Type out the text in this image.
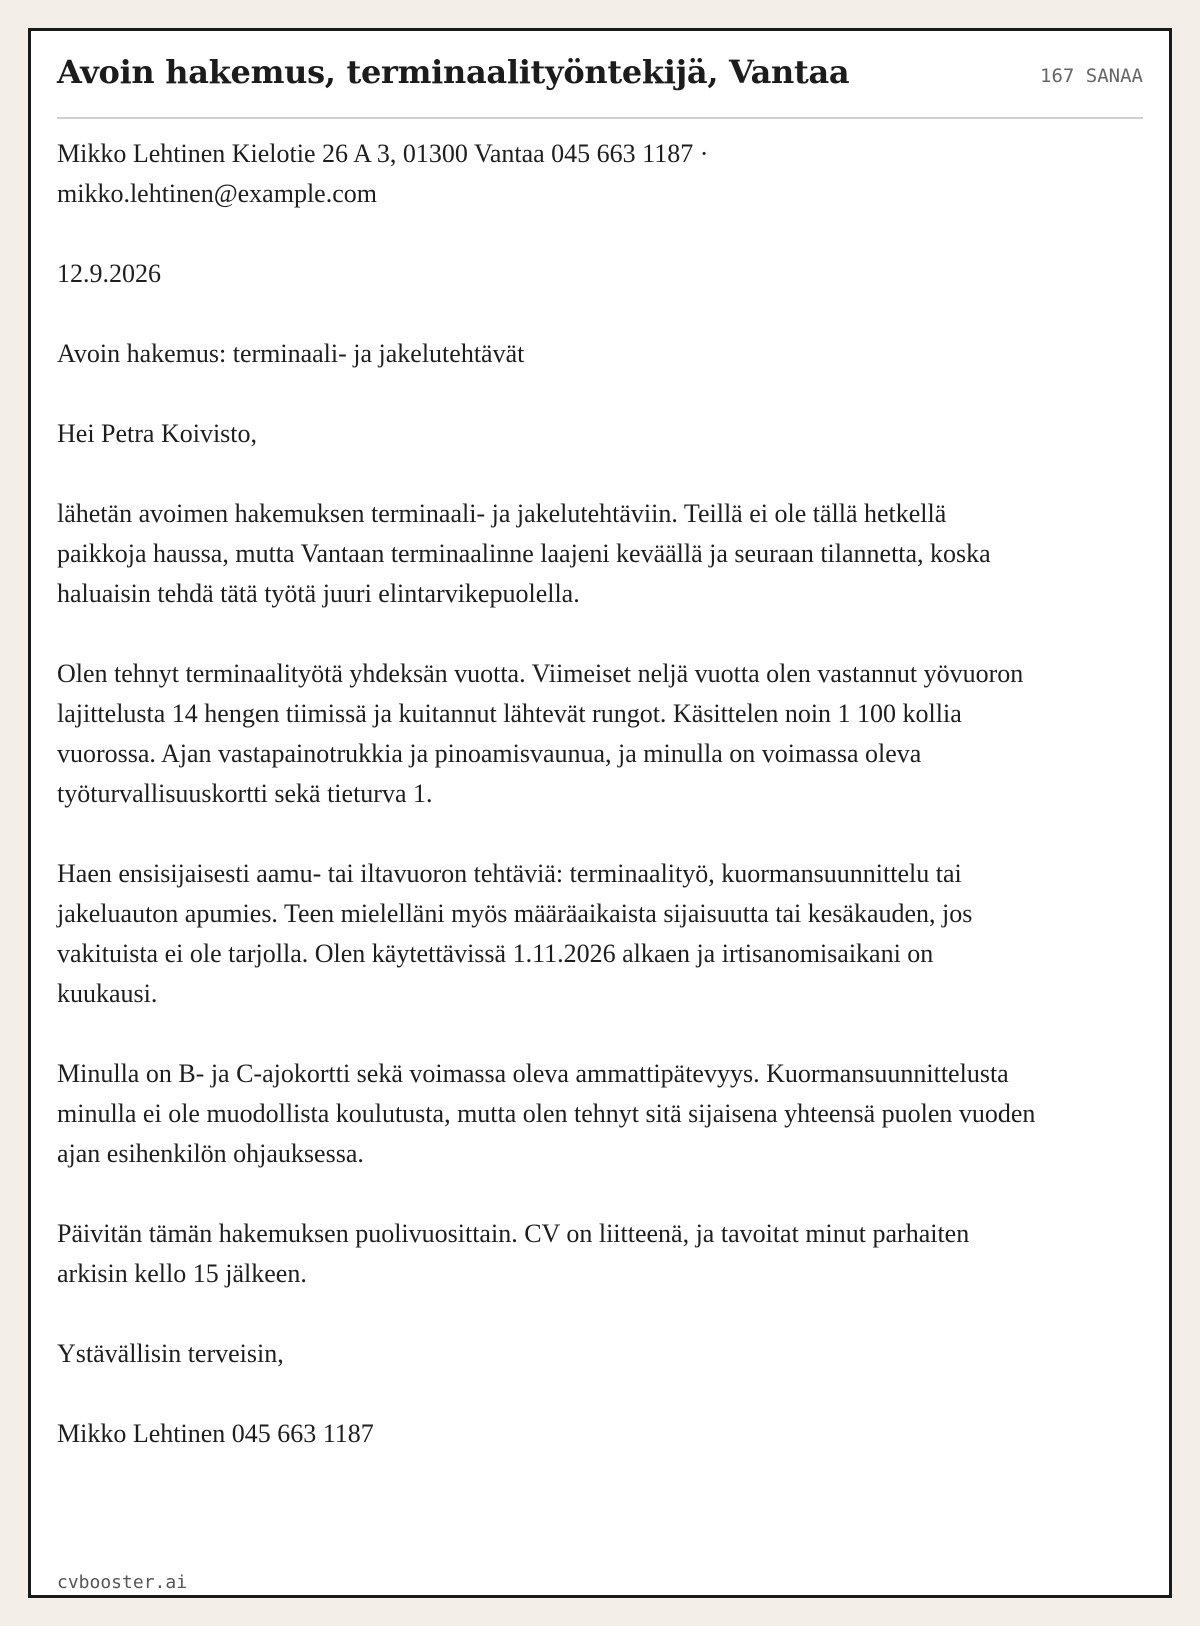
Avoin hakemus, terminaalityöntekijä, Vantaa	167 SANAA

Mikko Lehtinen Kielotie 26 A 3, 01300 Vantaa 045 663 1187 ·
mikko.lehtinen@example.com

12.9.2026

Avoin hakemus: terminaali- ja jakelutehtävät

Hei Petra Koivisto,

lähetän avoimen hakemuksen terminaali- ja jakelutehtäviin. Teillä ei ole tällä hetkellä paikkoja haussa, mutta Vantaan terminaalinne laajeni keväällä ja seuraan tilannetta, koska haluaisin tehdä tätä työtä juuri elintarvikepuolella.

Olen tehnyt terminaalityötä yhdeksän vuotta. Viimeiset neljä vuotta olen vastannut yövuoron lajittelusta 14 hengen tiimissä ja kuitannut lähtevät rungot. Käsittelen noin 1 100 kollia vuorossa. Ajan vastapainotrukkia ja pinoamisvaunua, ja minulla on voimassa oleva työturvallisuuskortti sekä tieturva 1.

Haen ensisijaisesti aamu- tai iltavuoron tehtäviä: terminaalityö, kuormansuunnittelu tai jakeluauton apumies. Teen mielelläni myös määräaikaista sijaisuutta tai kesäkauden, jos vakituista ei ole tarjolla. Olen käytettävissä 1.11.2026 alkaen ja irtisanomisaikani on kuukausi.

Minulla on B- ja C-ajokortti sekä voimassa oleva ammattipätevyys. Kuormansuunnittelusta minulla ei ole muodollista koulutusta, mutta olen tehnyt sitä sijaisena yhteensä puolen vuoden ajan esihenkilön ohjauksessa.

Päivitän tämän hakemuksen puolivuosittain. CV on liitteenä, ja tavoitat minut parhaiten arkisin kello 15 jälkeen.

Ystävällisin terveisin,

Mikko Lehtinen 045 663 1187

cvbooster.ai
